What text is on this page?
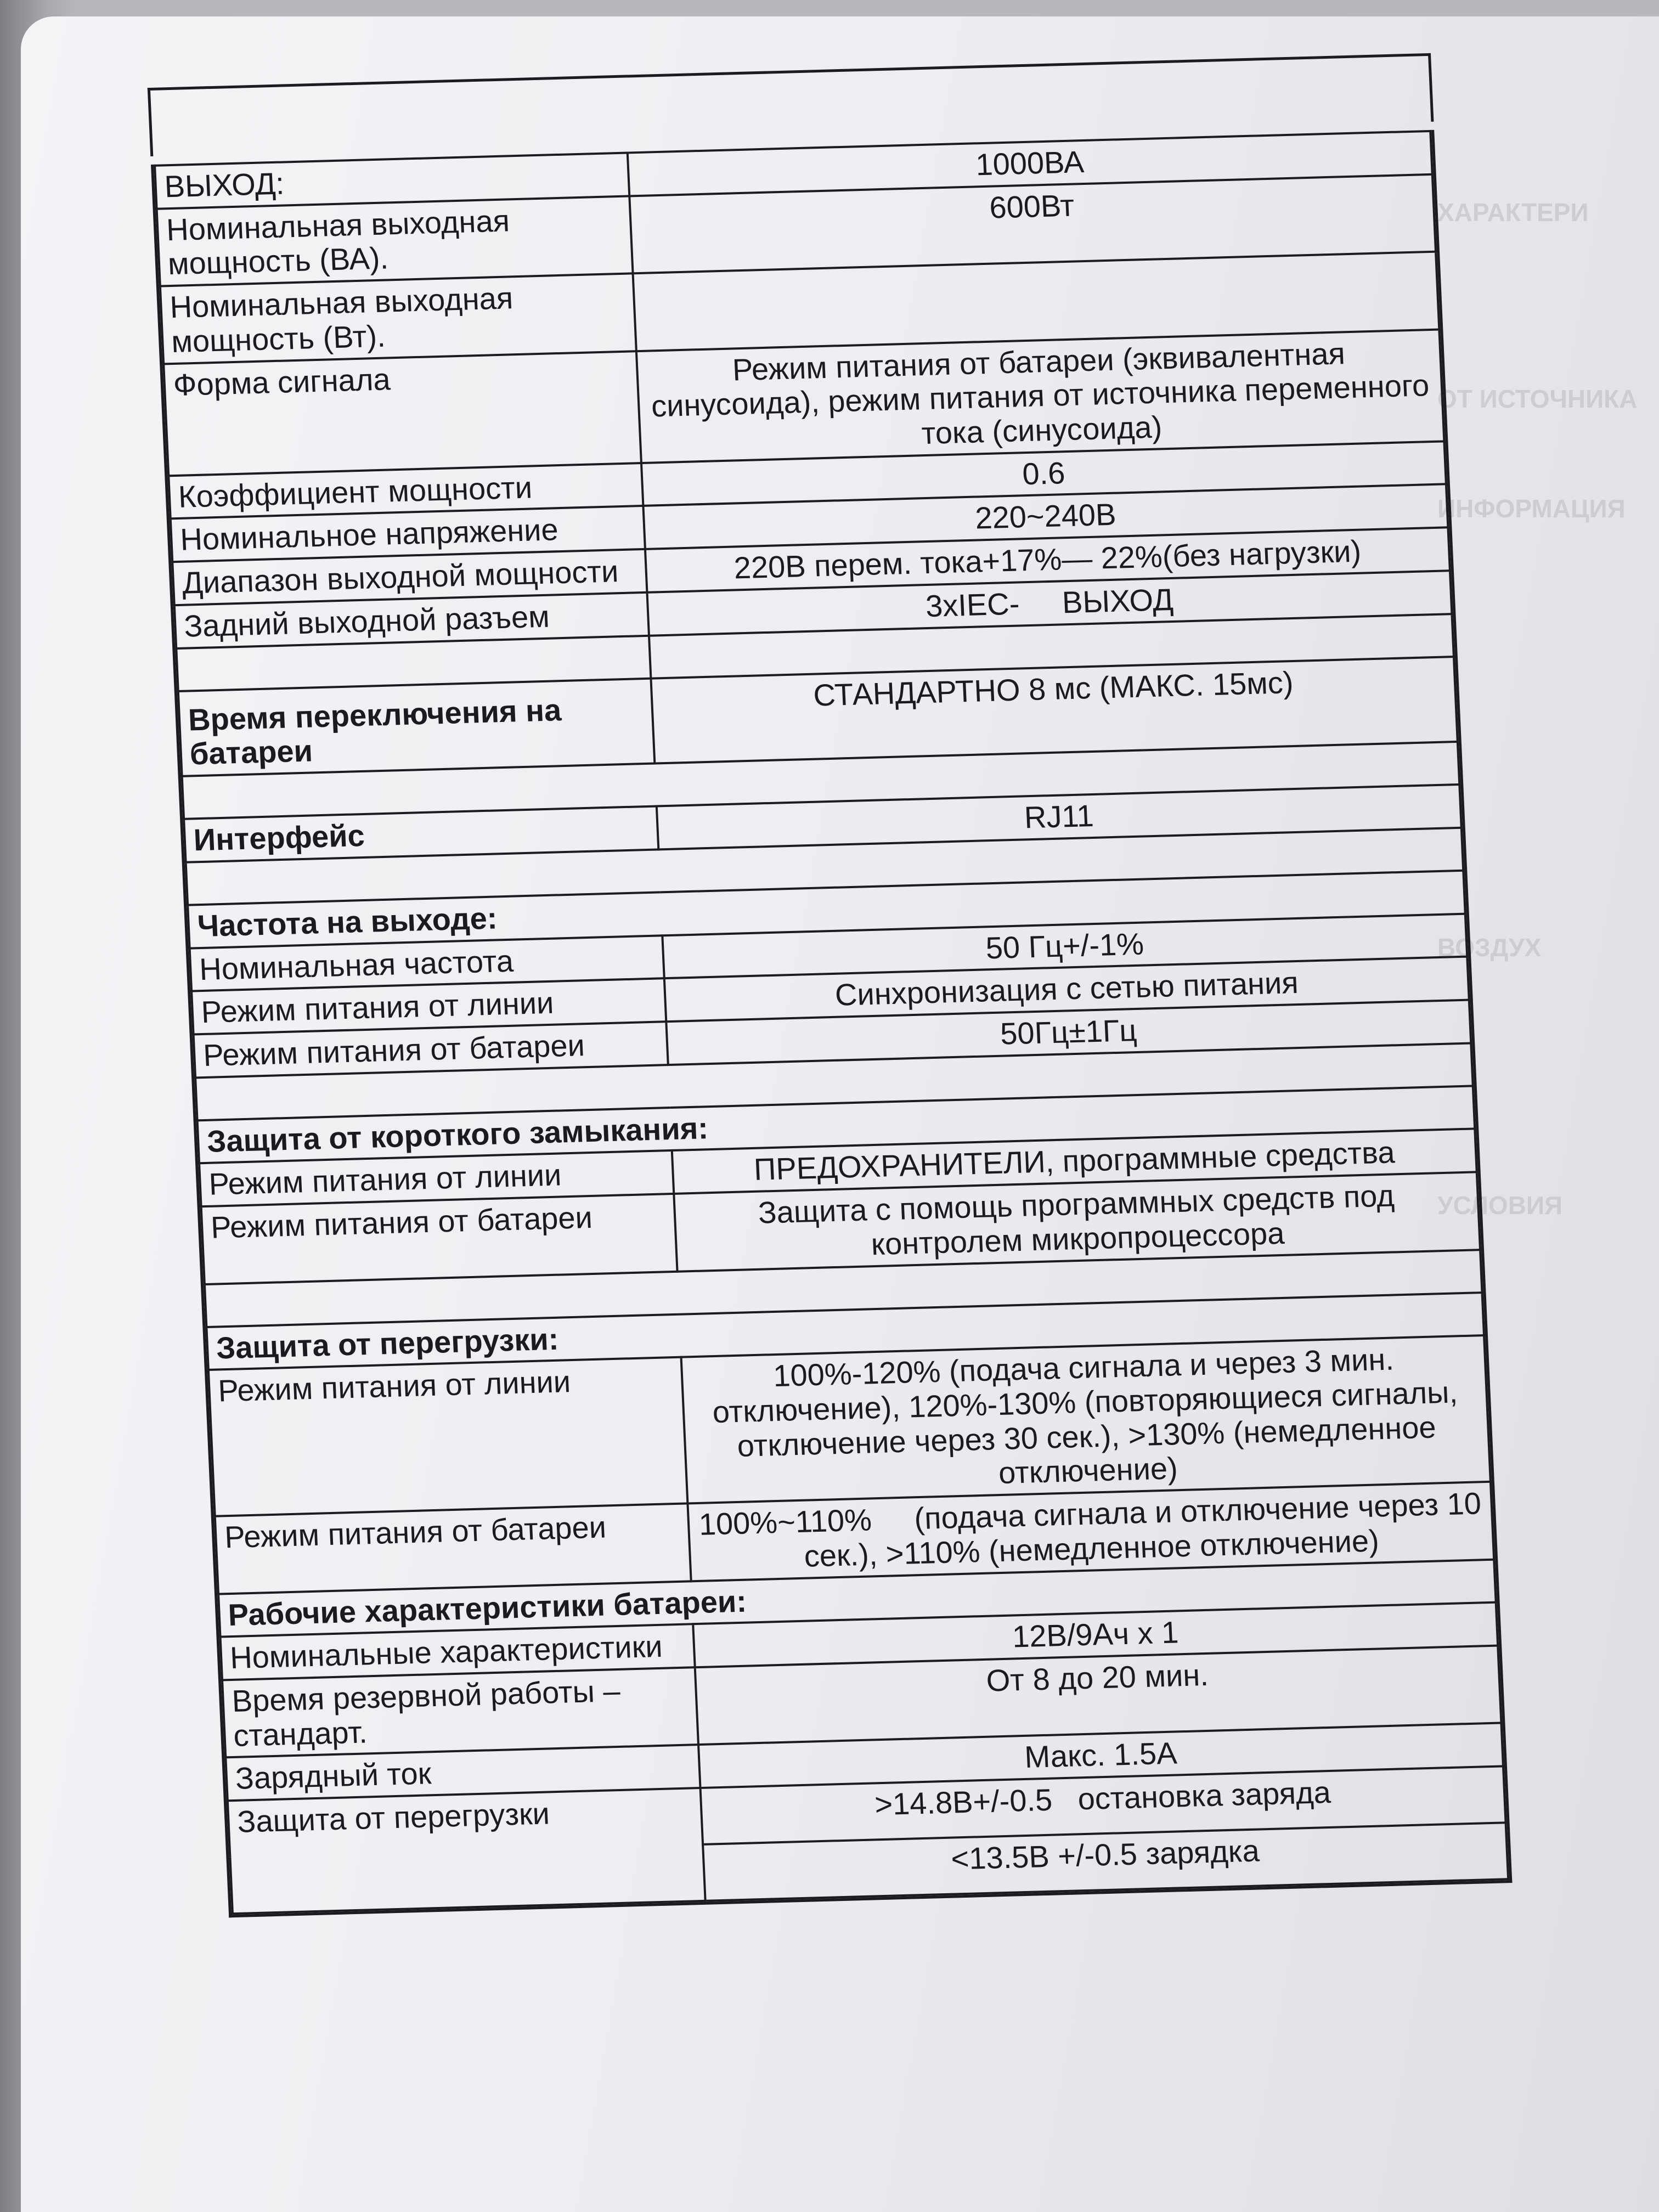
ХАРАКТЕРИ
ОТ ИСТОЧНИКА
ИНФОРМАЦИЯ
ВОЗДУХ
УСЛОВИЯ
ВЫХОД:	1000ВА
Номинальная выходная мощность (ВА).	600Вт
Номинальная выходная мощность (Вт).	
Форма сигнала	Режим питания от батареи (эквивалентная синусоида), режим питания от источника переменного тока (синусоида)
Коэффициент мощности	0.6
Номинальное напряжение	220~240В
Диапазон выходной мощности	220В перем. тока+17%— 22%(без нагрузки)
Задний выходной разъем	3xIEC-     ВЫХОД

Время переключения на батареи	СТАНДАРТНО 8 мс (МАКС. 15мс)

Интерфейс	RJ11

Частота на выходе:	
Номинальная частота	50 Гц+/-1%
Режим питания от линии	Синхронизация с сетью питания
Режим питания от батареи	50Гц±1Гц

Защита от короткого замыкания:	
Режим питания от линии	ПРЕДОХРАНИТЕЛИ, программные средства
Режим питания от батареи	Защита с помощь программных средств под контролем микропроцессора

Защита от перегрузки:	
Режим питания от линии	100%-120% (подача сигнала и через 3 мин. отключение), 120%-130% (повторяющиеся сигналы, отключение через 30 сек.), >130% (немедленное отключение)
Режим питания от батареи	100%~110%     (подача сигнала и отключение через 10 сек.), >110% (немедленное отключение)
Рабочие характеристики батареи:	
Номинальные характеристики	12В/9Ач x 1
Время резервной работы – стандарт.	От 8 до 20 мин.
Зарядный ток	Макс. 1.5А
Защита от перегрузки	>14.8В+/-0.5   остановка заряда
	<13.5В +/-0.5 зарядка
